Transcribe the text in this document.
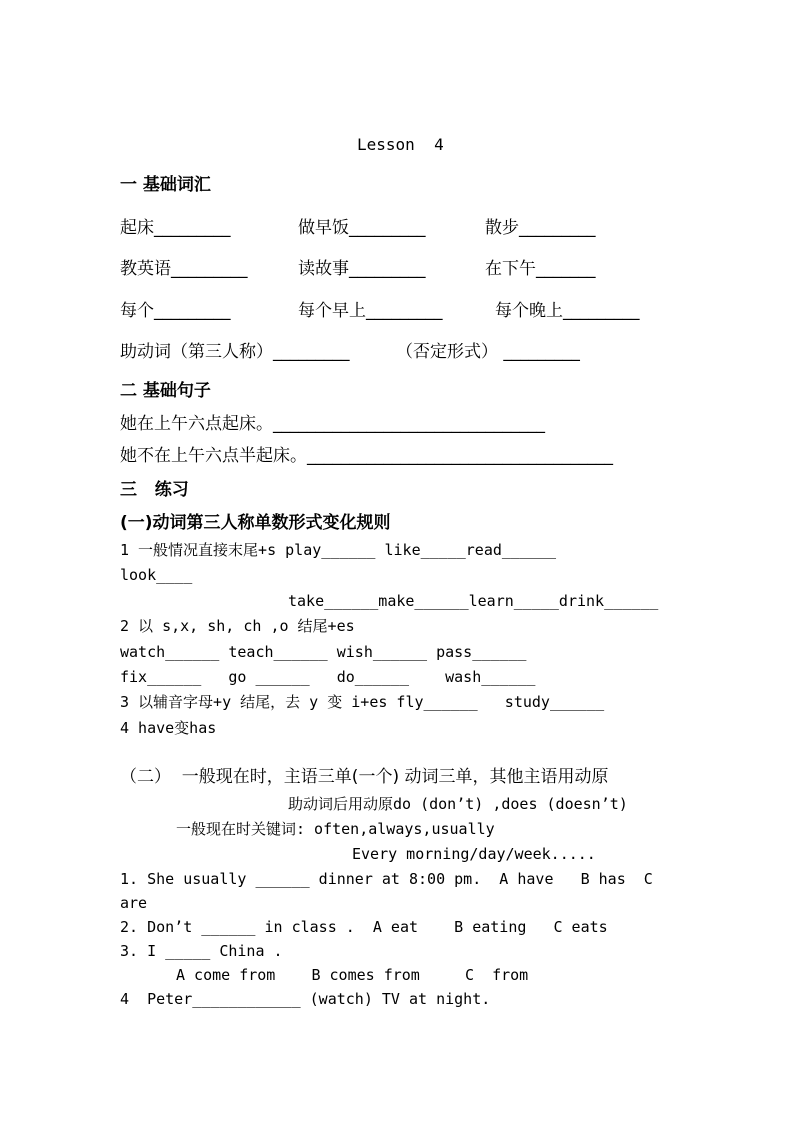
Lesson  4
一 基础词汇
起床_________	做早饭_________	散步_________
教英语_________	读故事_________	在下午_______
每个_________	每个早上_________	每个晚上_________
助动词（第三人称）_________	（否定形式） _________
二 基础句子
她在上午六点起床。________________________________
她不在上午六点半起床。____________________________________
三   练习
(一)动词第三人称单数形式变化规则
1 一般情况直接末尾+s play______ like_____read______
look____
take______make______learn_____drink______
2 以 s,x, sh, ch ,o 结尾+es
watch______ teach______ wish______ pass______
fix______   go ______   do______    wash______
3 以辅音字母+y 结尾，去 y 变 i+es fly______   study______
4 have变has
（二）  一般现在时，主语三单(一个) 动词三单，其他主语用动原
助动词后用动原do (don’t) ,does (doesn’t)
一般现在时关键词: often,always,usually
Every morning/day/week.....
1. She usually ______ dinner at 8:00 pm.  A have   B has  C
are
2. Don’t ______ in class .  A eat    B eating   C eats
3. I _____ China .
A come from    B comes from     C  from
4  Peter____________ (watch) TV at night.
